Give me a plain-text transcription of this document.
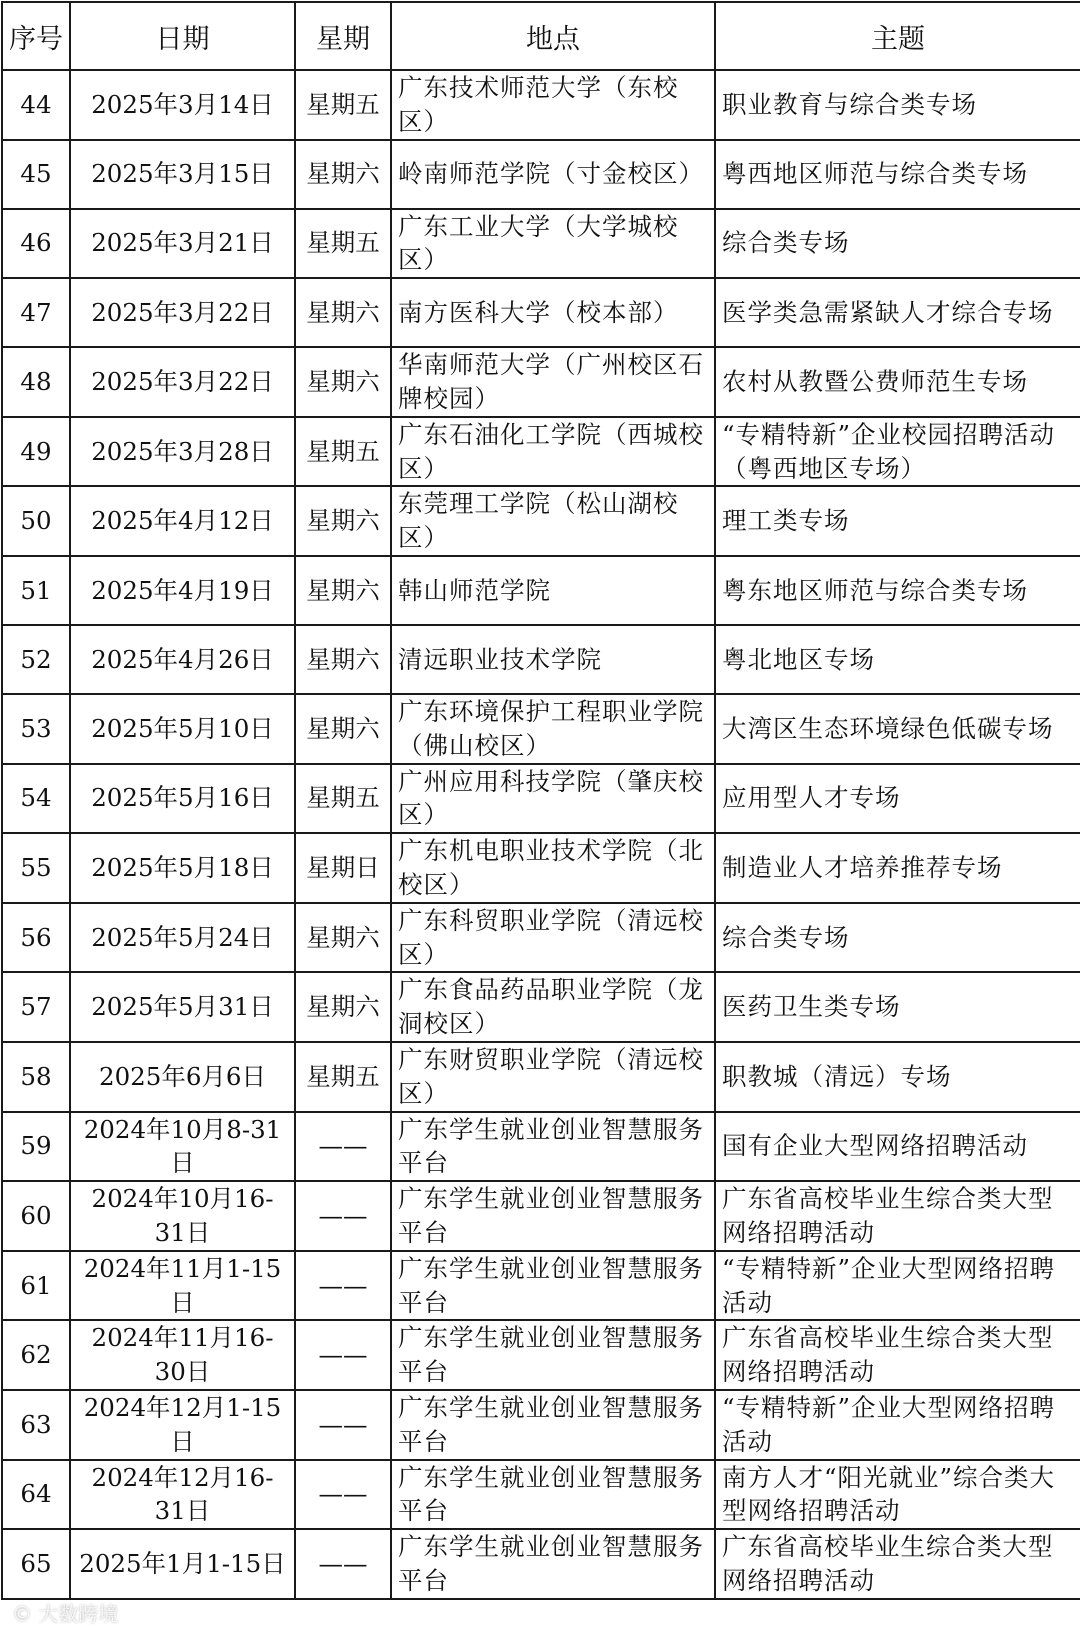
序号	日期	星期	地点	主题
44	2025年3月14日	星期五	广东技术师范大学（东校区）	职业教育与综合类专场
45	2025年3月15日	星期六	岭南师范学院（寸金校区）	粤西地区师范与综合类专场
46	2025年3月21日	星期五	广东工业大学（大学城校区）	综合类专场
47	2025年3月22日	星期六	南方医科大学（校本部）	医学类急需紧缺人才综合专场
48	2025年3月22日	星期六	华南师范大学（广州校区石牌校园）	农村从教暨公费师范生专场
49	2025年3月28日	星期五	广东石油化工学院（西城校区）	“专精特新”企业校园招聘活动（粤西地区专场）
50	2025年4月12日	星期六	东莞理工学院（松山湖校区）	理工类专场
51	2025年4月19日	星期六	韩山师范学院	粤东地区师范与综合类专场
52	2025年4月26日	星期六	清远职业技术学院	粤北地区专场
53	2025年5月10日	星期六	广东环境保护工程职业学院（佛山校区）	大湾区生态环境绿色低碳专场
54	2025年5月16日	星期五	广州应用科技学院（肇庆校区）	应用型人才专场
55	2025年5月18日	星期日	广东机电职业技术学院（北校区）	制造业人才培养推荐专场
56	2025年5月24日	星期六	广东科贸职业学院（清远校区）	综合类专场
57	2025年5月31日	星期六	广东食品药品职业学院（龙洞校区）	医药卫生类专场
58	2025年6月6日	星期五	广东财贸职业学院（清远校区）	职教城（清远）专场
59	2024年10月8-31日	——	广东学生就业创业智慧服务平台	国有企业大型网络招聘活动
60	2024年10月16-31日	——	广东学生就业创业智慧服务平台	广东省高校毕业生综合类大型网络招聘活动
61	2024年11月1-15日	——	广东学生就业创业智慧服务平台	“专精特新”企业大型网络招聘活动
62	2024年11月16-30日	——	广东学生就业创业智慧服务平台	广东省高校毕业生综合类大型网络招聘活动
63	2024年12月1-15日	——	广东学生就业创业智慧服务平台	“专精特新”企业大型网络招聘活动
64	2024年12月16-31日	——	广东学生就业创业智慧服务平台	南方人才“阳光就业”综合类大型网络招聘活动
65	2025年1月1-15日	——	广东学生就业创业智慧服务平台	广东省高校毕业生综合类大型网络招聘活动
© 大数跨境
